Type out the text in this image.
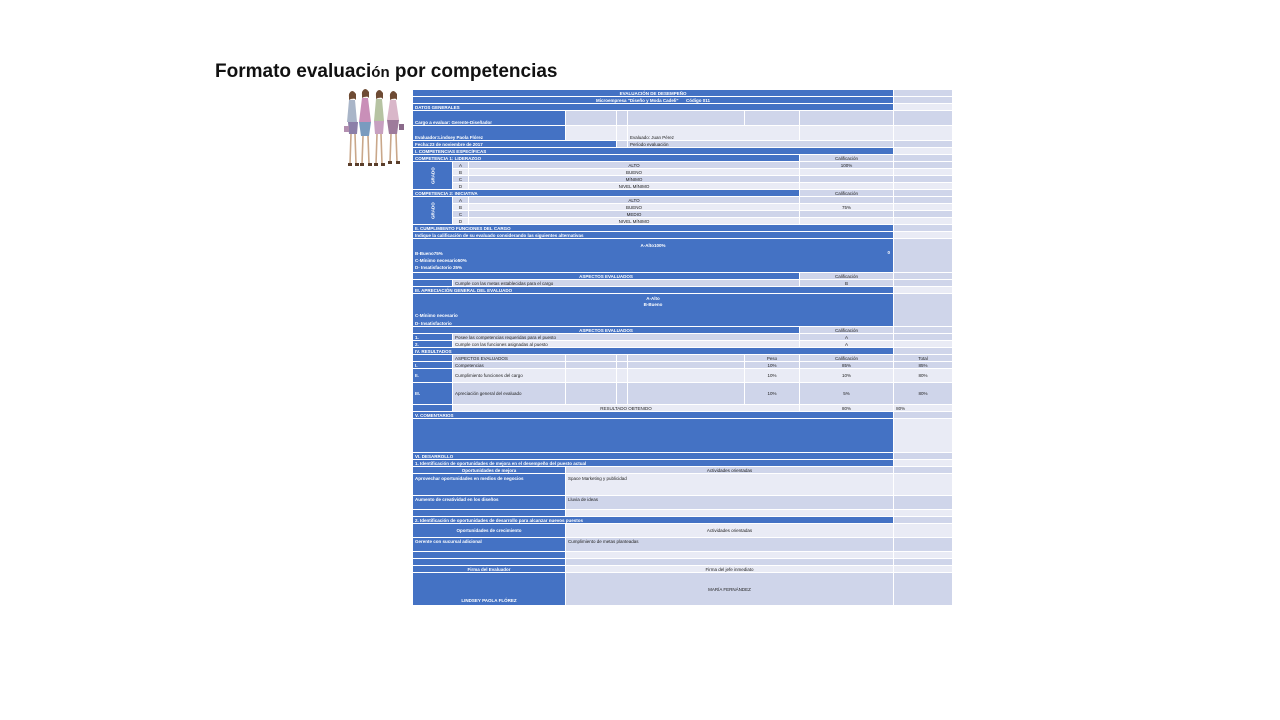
Formato evaluación por competencias
EVALUACIÓN DE DESEMPEÑO								
Microempresa "Diseño y Moda Cadeli" Código 011								
DATOS GENERALES								
Cargo a evaluar: Gerente-Diseñador								

Evaluador:Lindsey Paola Flórez					Evaluado: Juan Pérez			
Fecha:23 de noviembre de 2017					Período evaluación			
I. COMPETENCIAS ESPECÍFICAS								
COMPETENCIA 1: LIDERAZGO							Calificación	
GRADO	A	ALTO					100%	
	B	BUENO						
	C	MÍNIMO						
	D	NIVEL MÍNIMO						
COMPETENCIA 2: INICIATIVA							Calificación	
GRADO	A	ALTO						
	B	BUENO					75%	
	C	MEDIO						
	D	NIVEL MÍNIMO						
II. CUMPLIMIENTO FUNCIONES DEL CARGO								
Indique la calificación de su evaluado considerando las siguientes alternativas								

A-Alto100%
0
B-Bueno75%
C-Mínimo necesario50%
D- Insatisfactorio 25%								

ASPECTOS EVALUADOS							Calificación	
	Cumple con las metas establecidas para el cargo						B	
III. APRECIACIÓN GENERAL DEL EVALUADO								

A-Alto
B-Bueno
C-Mínimo necesario
D- Insatisfactorio								

ASPECTOS EVALUADOS							Calificación	
1.	Posee las competencias requeridas para el puesto						A	
2.	Cumple con las funciones asignadas al puesto						A	
IV. RESULTADOS								
	ASPECTOS EVALUADOS					Peso	Calificación	Total
I.	Competencias					10%	85%	85%
II.	Cumplimiento funciones del cargo					10%	10%	80%
III.	Apreciación general del evaluado					10%	5%	80%
	RESULTADO OBTENIDO						80%	80%
V. COMENTARIOS								

VI. DESARROLLO								
1. Identificación de oportunidades de mejora en el desempeño del puesto actual								
Oportunidades de mejora			Actividades orientadas					
Aprovechar oportunidades en medios de negocios			Space Marketing y publicidad					
Aumento de creatividad en los diseños			Lluvia de ideas					

2. Identificación de oportunidades de desarrollo para alcanzar nuevos puestos								
Oportunidades de crecimiento			Actividades orientadas					
Gerente con sucursal adicional			Cumplimiento de metas planteadas					

Firma del Evaluador			Firma del jefe inmediato					
LINDSEY PAOLA FLÓREZ			MARÍA FERNÁNDEZ					
